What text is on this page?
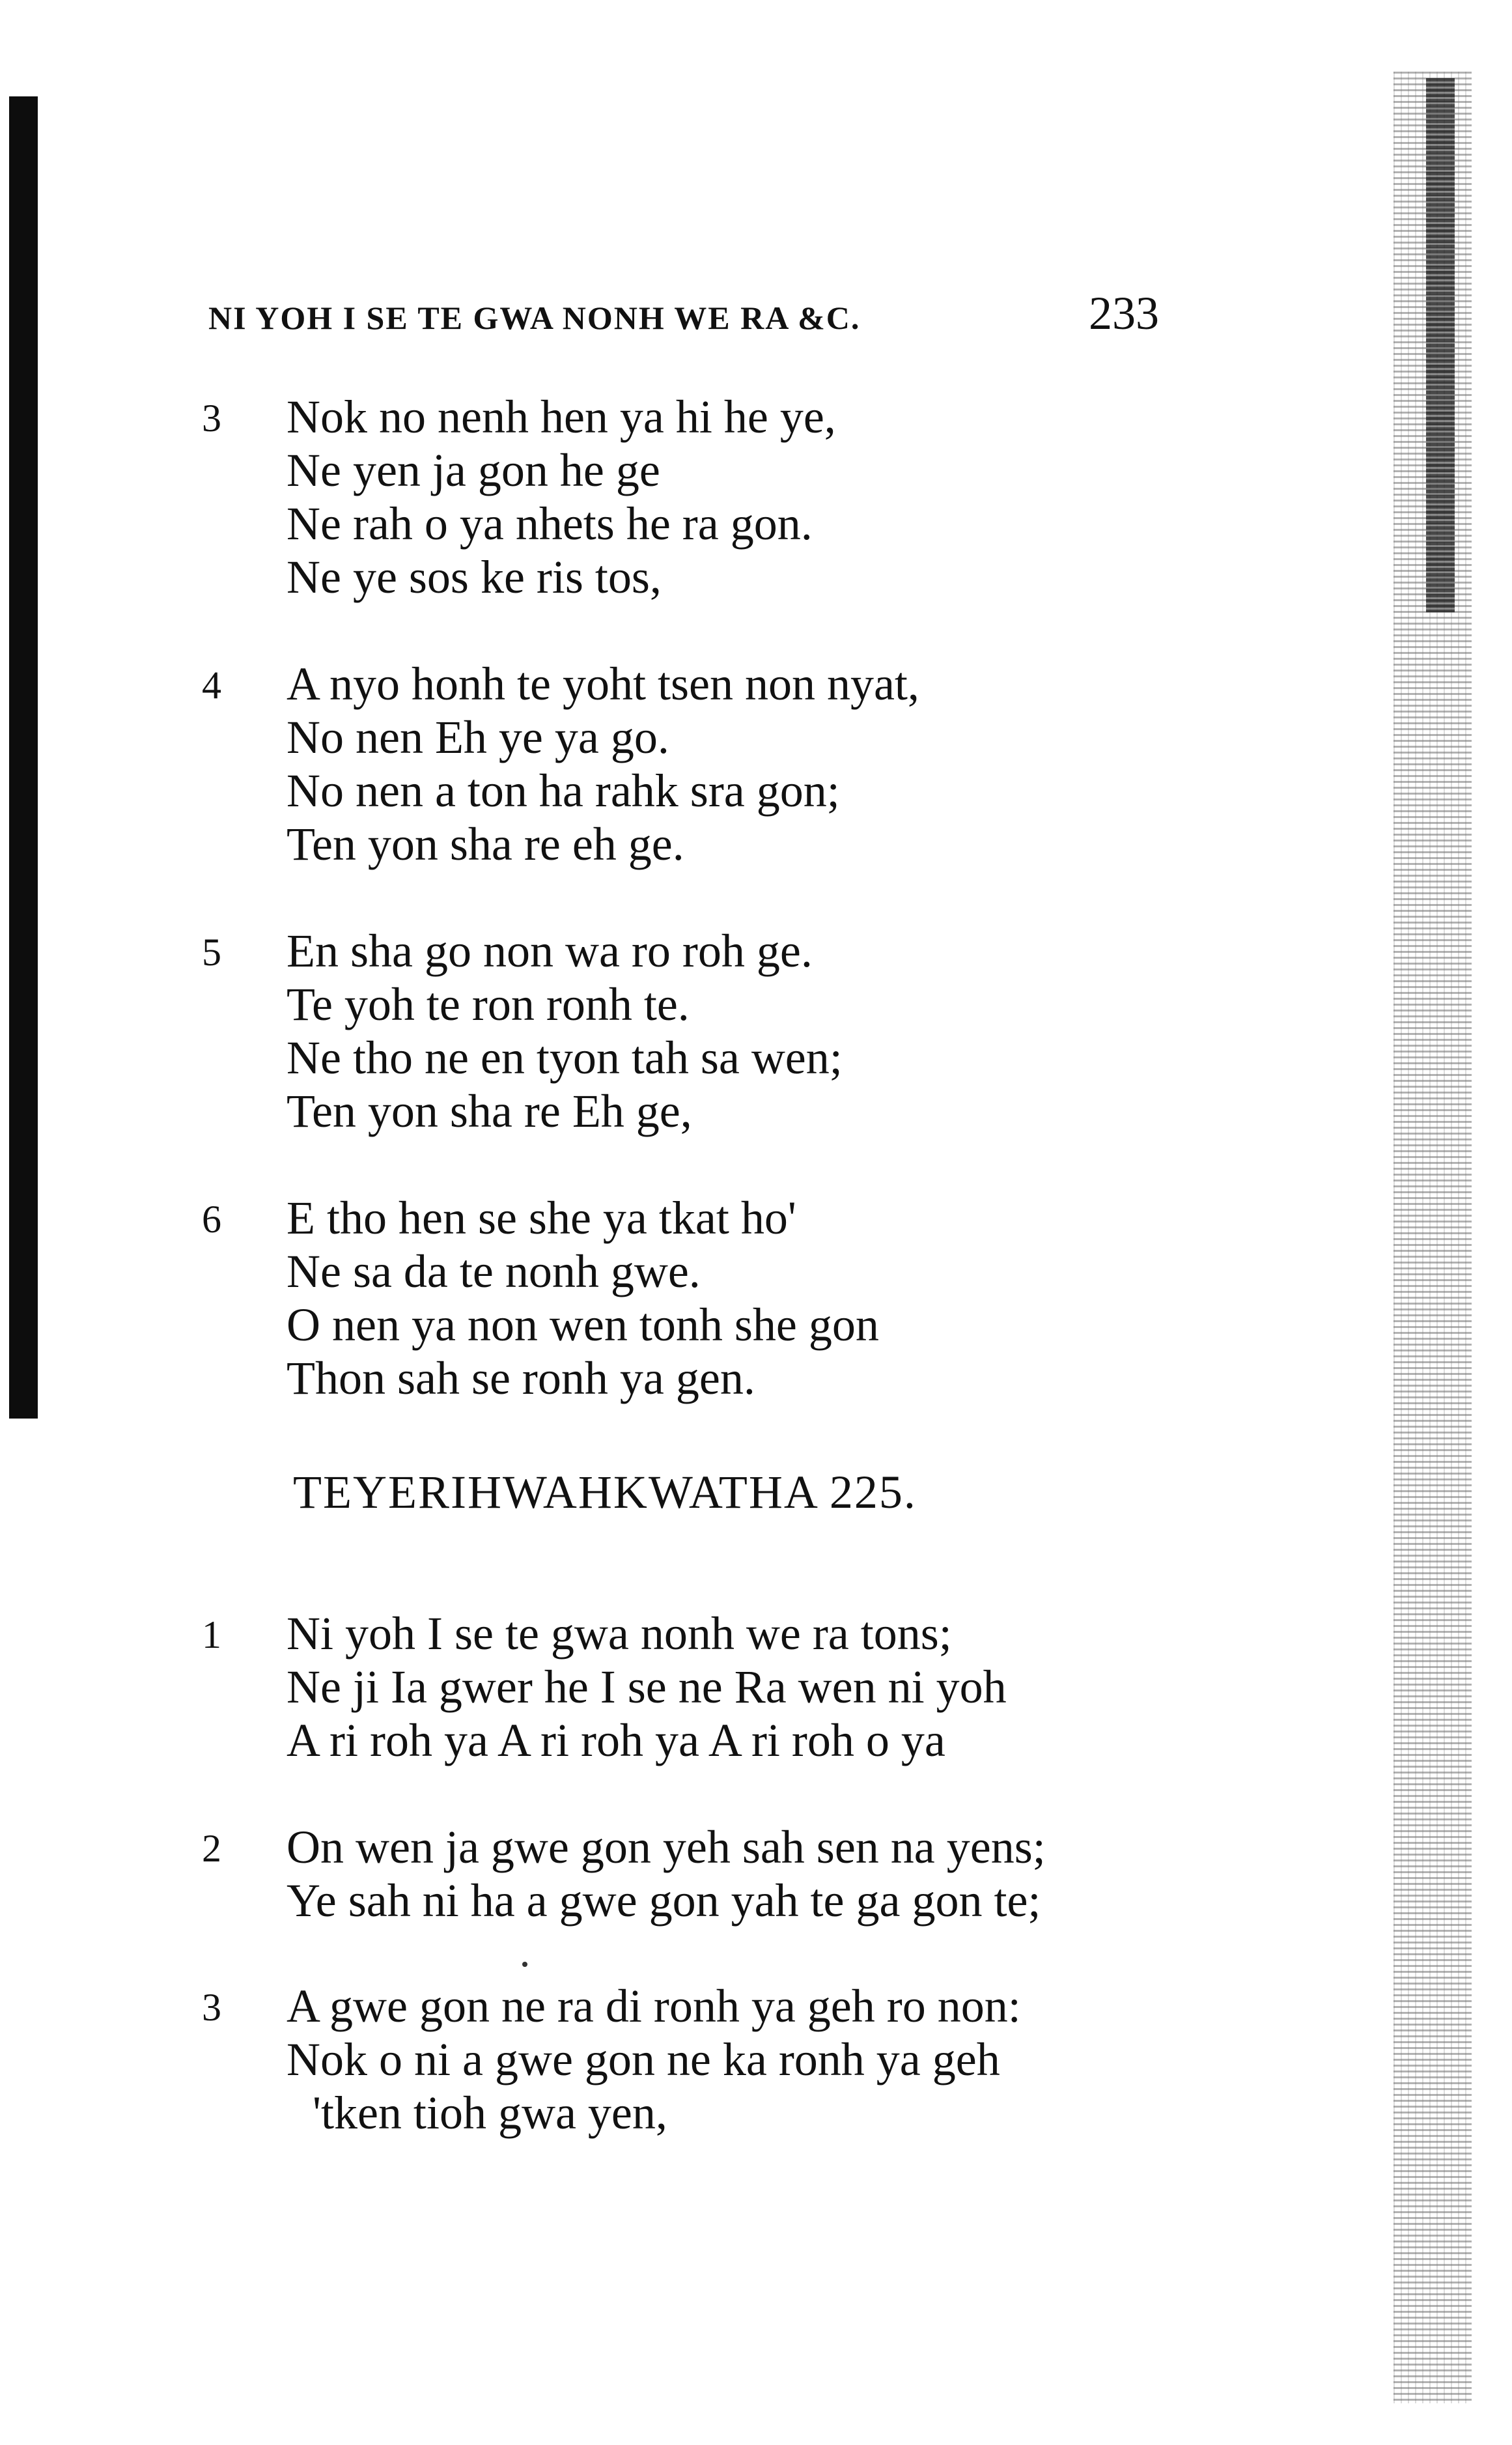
NI YOH I SE TE GWA NONH WE RA &C.	233
3	Nok no nenh hen ya hi he ye,
Ne yen ja gon he ge
Ne rah o ya nhets he ra gon.
Ne ye sos ke ris tos,
4	A nyo honh te yoht tsen non nyat,
No nen Eh ye ya go.
No nen a ton ha rahk sra gon;
Ten yon sha re eh ge.
5	En sha go non wa ro roh ge.
Te yoh te ron ronh te.
Ne tho ne en tyon tah sa wen;
Ten yon sha re Eh ge,
6	E tho hen se she ya tkat ho'
Ne sa da te nonh gwe.
O nen ya non wen tonh she gon
Thon sah se ronh ya gen.
TEYERIHWAHKWATHA 225.
1	Ni yoh I se te gwa nonh we ra tons;
Ne ji Ia gwer he I se ne Ra wen ni yoh
A ri roh ya A ri roh ya A ri roh o ya
2	On wen ja gwe gon yeh sah sen na yens;
Ye sah ni ha a gwe gon yah te ga gon te;
3	A gwe gon ne ra di ronh ya geh ro non:
Nok o ni a gwe gon ne ka ronh ya geh
'tken tioh gwa yen,
